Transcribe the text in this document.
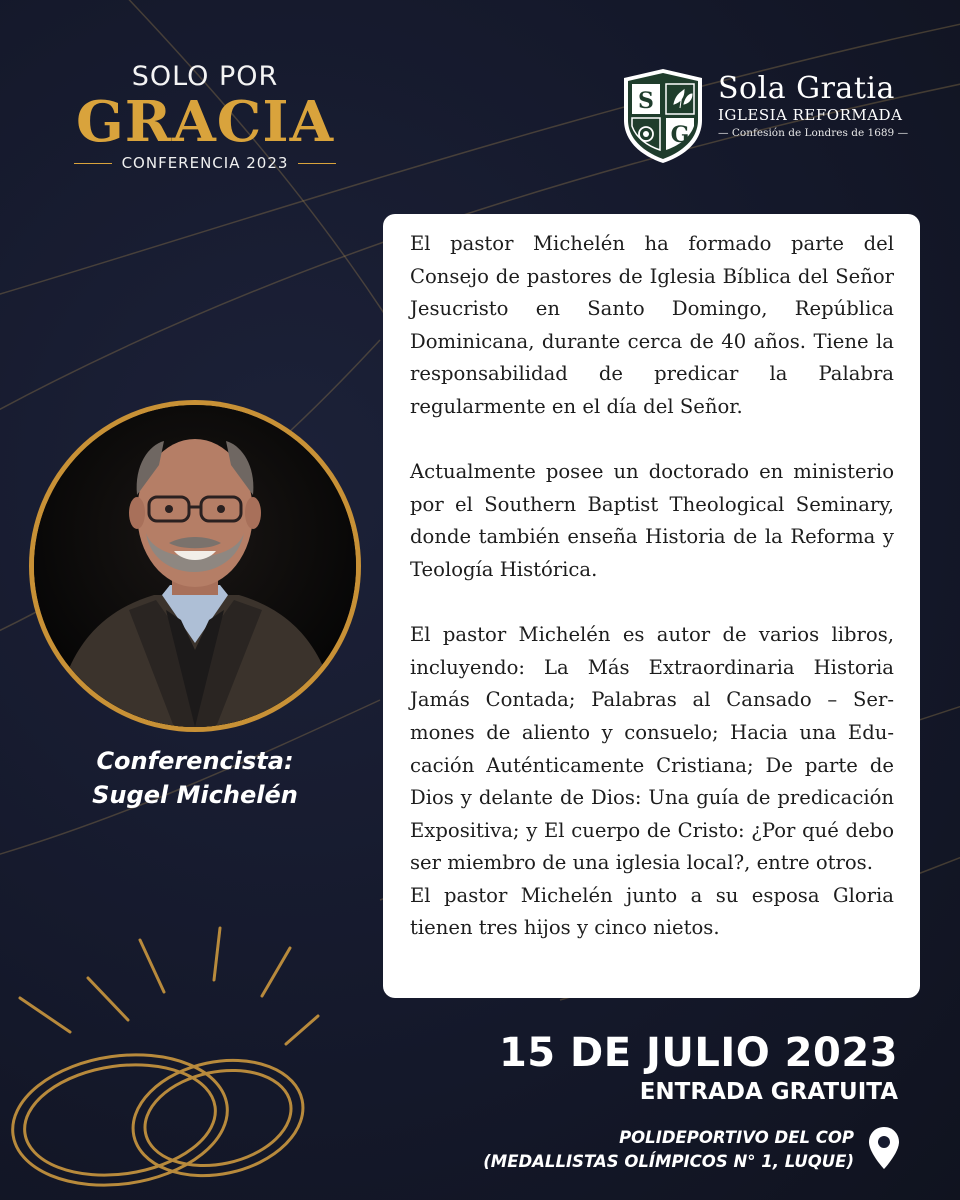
SOLO POR
GRACIA
CONFERENCIA 2023
S
G
Sola Gratia
IGLESIA REFORMADA
— Confesión de Londres de 1689 —
Conferencista:
Sugel Michelén

El pastor Michelén ha formado parte del Consejo de pastores de Iglesia Bíblica del Señor Jesucristo en Santo Domingo, República Dominicana, durante cerca de 40 años. Tiene la responsabilidad de predicar la Palabra regularmente en el día del Señor.

Actualmente posee un doctorado en ministerio por el Southern Baptist Theological Seminary, donde también enseña Historia de la Reforma y Teología Histórica.

El pastor Michelén es autor de varios libros, incluyendo: La Más Extraordinaria Historia Jamás Contada; Palabras al Cansado – Sermones de aliento y consuelo; Hacia una Educación Auténticamente Cristiana; De parte de Dios y delante de Dios: Una guía de predicación Expositiva; y El cuerpo de Cristo: ¿Por qué debo ser miembro de una iglesia local?, entre otros.

El pastor Michelén junto a su esposa Gloria tienen tres hijos y cinco nietos.

15 DE JULIO 2023
ENTRADA GRATUITA
POLIDEPORTIVO DEL COP
(MEDALLISTAS OLÍMPICOS N° 1, LUQUE)
